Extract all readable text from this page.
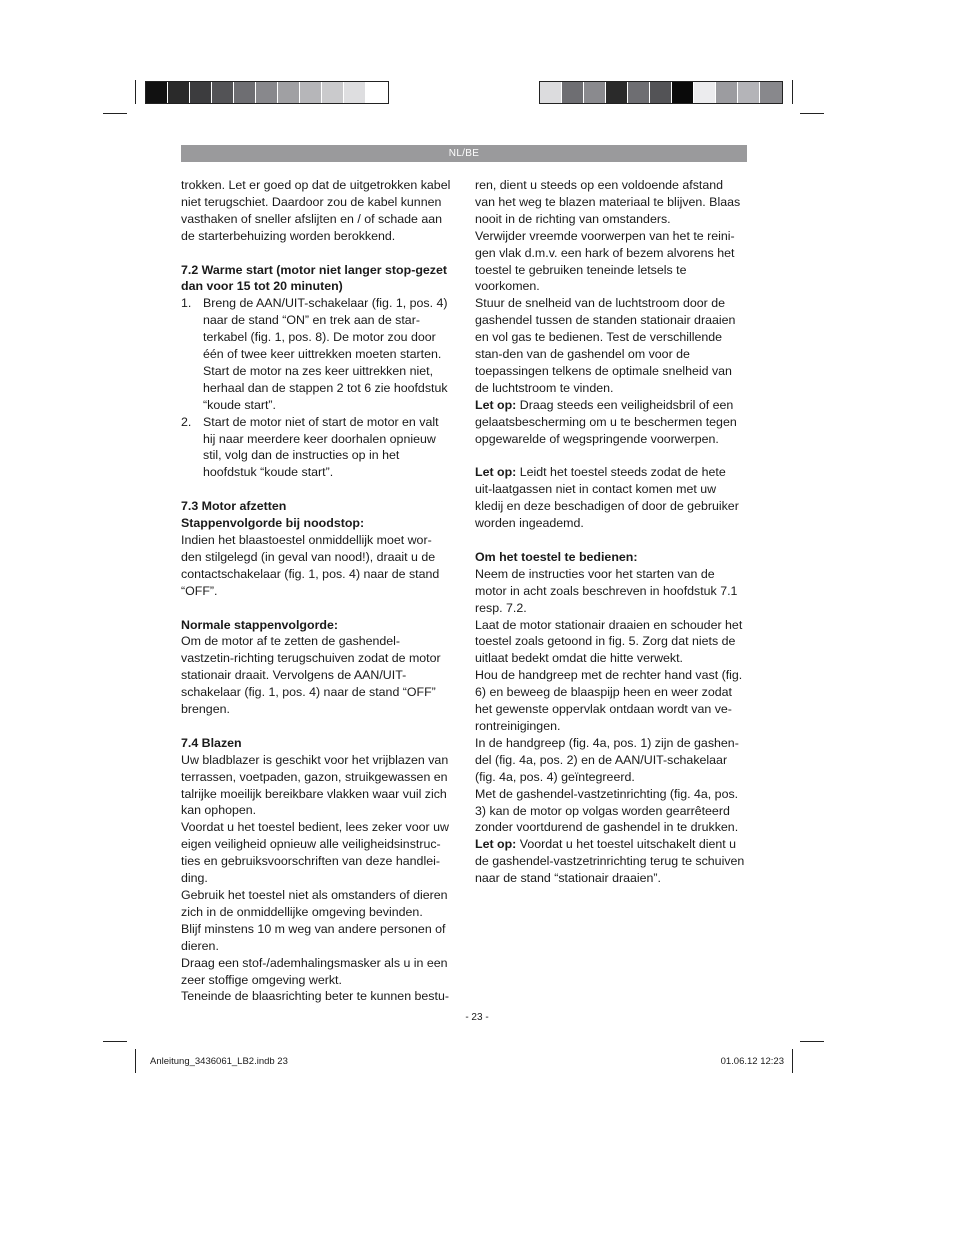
NL/BE

trokken. Let er goed op dat de uitgetrokken kabel niet terugschiet. Daardoor zou de kabel kunnen vasthaken of sneller afslijten en / of schade aan de starterbehuizing worden berokkend.

7.2 Warme start (motor niet langer stop-gezet dan voor 15 tot 20 minuten)

1. Breng de AAN/UIT-schakelaar (fig. 1, pos. 4) naar de stand “ON” en trek aan de star-terkabel (fig. 1, pos. 8). De motor zou door één of twee keer uittrekken moeten starten. Start de motor na zes keer uittrekken niet, herhaal dan de stappen 2 tot 6 zie hoofdstuk “koude start”.

2. Start de motor niet of start de motor en valt hij naar meerdere keer doorhalen opnieuw stil, volg dan de instructies op in het hoofdstuk “koude start”.

7.3 Motor afzetten

Stappenvolgorde bij noodstop:

Indien het blaastoestel onmiddellijk moet wor-den stilgelegd (in geval van nood!), draait u de contactschakelaar (fig. 1, pos. 4) naar de stand “OFF”.

Normale stappenvolgorde:

Om de motor af te zetten de gashendel-vastzetin-richting terugschuiven zodat de motor stationair draait. Vervolgens de AAN/UIT-schakelaar (fig. 1, pos. 4) naar de stand “OFF” brengen.

7.4 Blazen

Uw bladblazer is geschikt voor het vrijblazen van terrassen, voetpaden, gazon, struikgewassen en talrijke moeilijk bereikbare vlakken waar vuil zich kan ophopen.

Voordat u het toestel bedient, lees zeker voor uw eigen veiligheid opnieuw alle veiligheidsinstruc-ties en gebruiksvoorschriften van deze handlei-ding.

Gebruik het toestel niet als omstanders of dieren zich in de onmiddellijke omgeving bevinden.

Blijf minstens 10 m weg van andere personen of dieren.

Draag een stof-/ademhalingsmasker als u in een zeer stoffige omgeving werkt.

Teneinde de blaasrichting beter te kunnen bestu-

ren, dient u steeds op een voldoende afstand van het weg te blazen materiaal te blijven. Blaas nooit in de richting van omstanders.

Verwijder vreemde voorwerpen van het te reini-gen vlak d.m.v. een hark of bezem alvorens het toestel te gebruiken teneinde letsels te voorkomen.

Stuur de snelheid van de luchtstroom door de gashendel tussen de standen stationair draaien en vol gas te bedienen. Test de verschillende stan-den van de gashendel om voor de toepassingen telkens de optimale snelheid van de luchtstroom te vinden.

Let op: Draag steeds een veiligheidsbril of een gelaatsbescherming om u te beschermen tegen opgewarelde of wegspringende voorwerpen.

Let op: Leidt het toestel steeds zodat de hete uit-laatgassen niet in contact komen met uw kledij en deze beschadigen of door de gebruiker worden ingeademd.

Om het toestel te bedienen:

Neem de instructies voor het starten van de motor in acht zoals beschreven in hoofdstuk 7.1 resp. 7.2.

Laat de motor stationair draaien en schouder het toestel zoals getoond in fig. 5. Zorg dat niets de uitlaat bedekt omdat die hitte verwekt.

Hou de handgreep met de rechter hand vast (fig. 6) en beweeg de blaaspijp heen en weer zodat het gewenste oppervlak ontdaan wordt van ve-rontreinigingen.

In de handgreep (fig. 4a, pos. 1) zijn de gashen-del (fig. 4a, pos. 2) en de AAN/UIT-schakelaar (fig. 4a, pos. 4) geïntegreerd.

Met de gashendel-vastzetinrichting (fig. 4a, pos. 3) kan de motor op volgas worden gearrêteerd zonder voortdurend de gashendel in te drukken.

Let op: Voordat u het toestel uitschakelt dient u de gashendel-vastzetrinrichting terug te schuiven naar de stand “stationair draaien”.

- 23 -
Anleitung_3436061_LB2.indb 23	01.06.12 12:23
